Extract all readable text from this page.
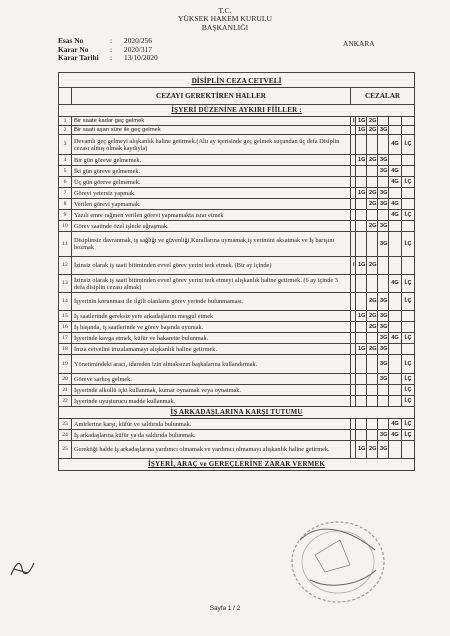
T.C.
YÜKSEK HAKEM KURULU
BAŞKANLIĞI
Esas No	:	2020/256
Karar No	:	2020/317
Karar Tarihi	:	13/10/2020
ANKARA
DİSİPLİN CEZA CETVELİ							
	CEZAYI GEREKTİREN HALLER	CEZALAR					
İŞYERİ DÜZENİNE AYKIRI FİİLLER :							
1	Bir saate kadar geç gelmek	I	1G	2G			
2	Bir saati aşan süre ile geç gelmek		1G	2G	3G		
3	Devamlı geç gelmeyi alışkanlık haline getirmek.(Altı ay içerisinde geç gelmek suçundan üç defa Disiplin cezası almış olmak kaydıyla)					4G	İ.Ç
4	Bir gün göreve gelmemek.		1G	2G	3G		
5	İki gün göreve gelmemek.				3G	4G	
6	Üç gün göreve gelmemek.					4G	İ.Ç
7	Görevi yetersiz yapmak.		1G	2G	3G		
8	Verilen görevi yapmamak.			2G	3G	4G	
9	Yazılı emre rağmen verilen görevi yapmamakta ısrar etmek					4G	İ.Ç
10	Görev saatinde özel işlerle uğraşmak.			2G	3G		
11	Disiplinsiz davranmak, iş sağlığı ve güvenliği,Kurallarına uymamak,iş verimini aksatmak ve İş barışını bozmak				3G		İ.Ç
12	İzinsiz olarak iş saati bitiminden evvel görev yerini terk etmek. (Bir ay içinde)	I	1G	2G			
13	İzinsiz olarak iş saati bitiminden evvel görev yerini terk etmeyi alışkanlık haline getirmek. (6 ay içinde 3 defa disiplin cezası almak)					4G	İ.Ç
14	İşyerinin korunması ile ilgili olanların görev yerinde bulunmaması.			2G	3G		İ.Ç
15	İş saatlerinde gereksiz yere arkadaşlarını meşgul etmek		1G	2G	3G		
16	İş başında, iş saatlerinde ve görev başında uyumak.			2G	3G		
17	İşyerinde kavga etmek, küfür ve hakarette bulunmak.				3G	4G	İ.Ç
18	İmza cetvelini imzalamamayı alışkanlık haline getirmek.		1G	2G	3G		
19	Yönetimindeki aracı, idareden izin almaksızın başkalarına kullandırmak.				3G		İ.Ç
20	Göreve sarhoş gelmek.				3G		İ.Ç
21	İşyerinde alkollü içki kullanmak, kumar oynamak veya oynatmak.						İ.Ç
22	İşyerinde uyuşturucu madde kullanmak.						İ.Ç
İŞ ARKADAŞLARINA KARŞI TUTUMU							
23	Amirlerine karşı, küfür ve saldırıda bulunmak.					4G	İ.Ç
24	İş arkadaşlarına küfür ya da saldırıda bulunmak.				3G	4G	İ.Ç
25	Gerektiği halde iş arkadaşlarına yardımcı olmamak ve yardımcı olmamayı alışkanlık haline getirmek.		1G	2G	3G		
İŞYERİ, ARAÇ ve GEREÇLERİNE ZARAR VERMEK							
Sayfa 1 / 2
